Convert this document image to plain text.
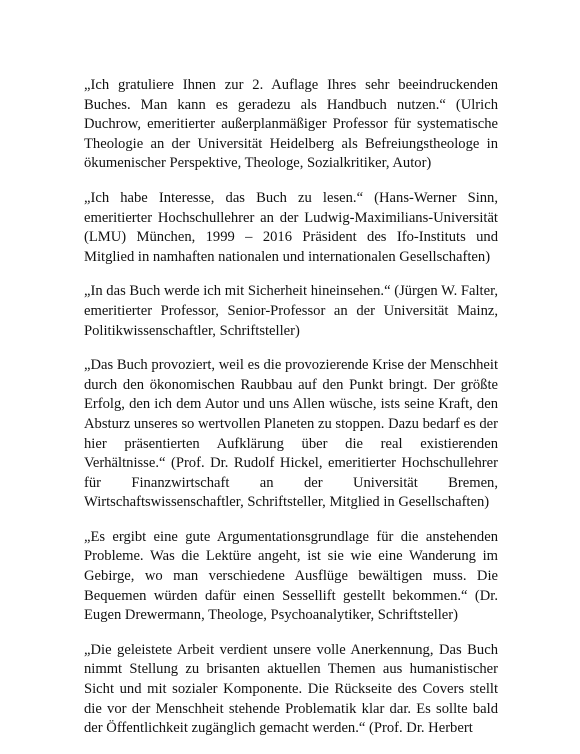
„Ich gratuliere Ihnen zur 2. Auflage Ihres sehr beeindruckenden Buches. Man kann es geradezu als Handbuch nutzen.“ (Ulrich Duchrow, emeritierter außerplanmäßiger Professor für systematische Theologie an der Universität Heidelberg als Befreiungstheologe in ökumenischer Perspektive, Theologe, Sozialkritiker, Autor)

„Ich habe Interesse, das Buch zu lesen.“ (Hans-Werner Sinn, emeritierter Hochschullehrer an der Ludwig-Maximilians-Universität (LMU) München, 1999 – 2016 Präsident des Ifo-Instituts und Mitglied in namhaften nationalen und internationalen Gesellschaften)

„In das Buch werde ich mit Sicherheit hineinsehen.“ (Jürgen W. Falter, emeritierter Professor, Senior-Professor an der Universität Mainz, Politikwissenschaftler, Schriftsteller)

„Das Buch provoziert, weil es die provozierende Krise der Menschheit durch den ökonomischen Raubbau auf den Punkt bringt. Der größte Erfolg, den ich dem Autor und uns Allen wüsche, ists seine Kraft, den Absturz unseres so wertvollen Planeten zu stoppen. Dazu bedarf es der hier präsentierten Aufklärung über die real existierenden Verhältnisse.“ (Prof. Dr. Rudolf Hickel, emeritierter Hochschullehrer für Finanzwirtschaft an der Universität Bremen, Wirtschaftswissenschaftler, Schriftsteller, Mitglied in Gesellschaften)

„Es ergibt eine gute Argumentationsgrundlage für die anstehenden Probleme. Was die Lektüre angeht, ist sie wie eine Wanderung im Gebirge, wo man verschiedene Ausflüge bewältigen muss. Die Bequemen würden dafür einen Sessellift gestellt bekommen.“ (Dr. Eugen Drewermann, Theologe, Psychoanalytiker, Schriftsteller)

„Die geleistete Arbeit verdient unsere volle Anerkennung, Das Buch nimmt Stellung zu brisanten aktuellen Themen aus humanistischer Sicht und mit sozialer Komponente. Die Rückseite des Covers stellt die vor der Menschheit stehende Problematik klar dar. Es sollte bald der Öffentlichkeit zugänglich gemacht werden.“ (Prof. Dr. Herbert
